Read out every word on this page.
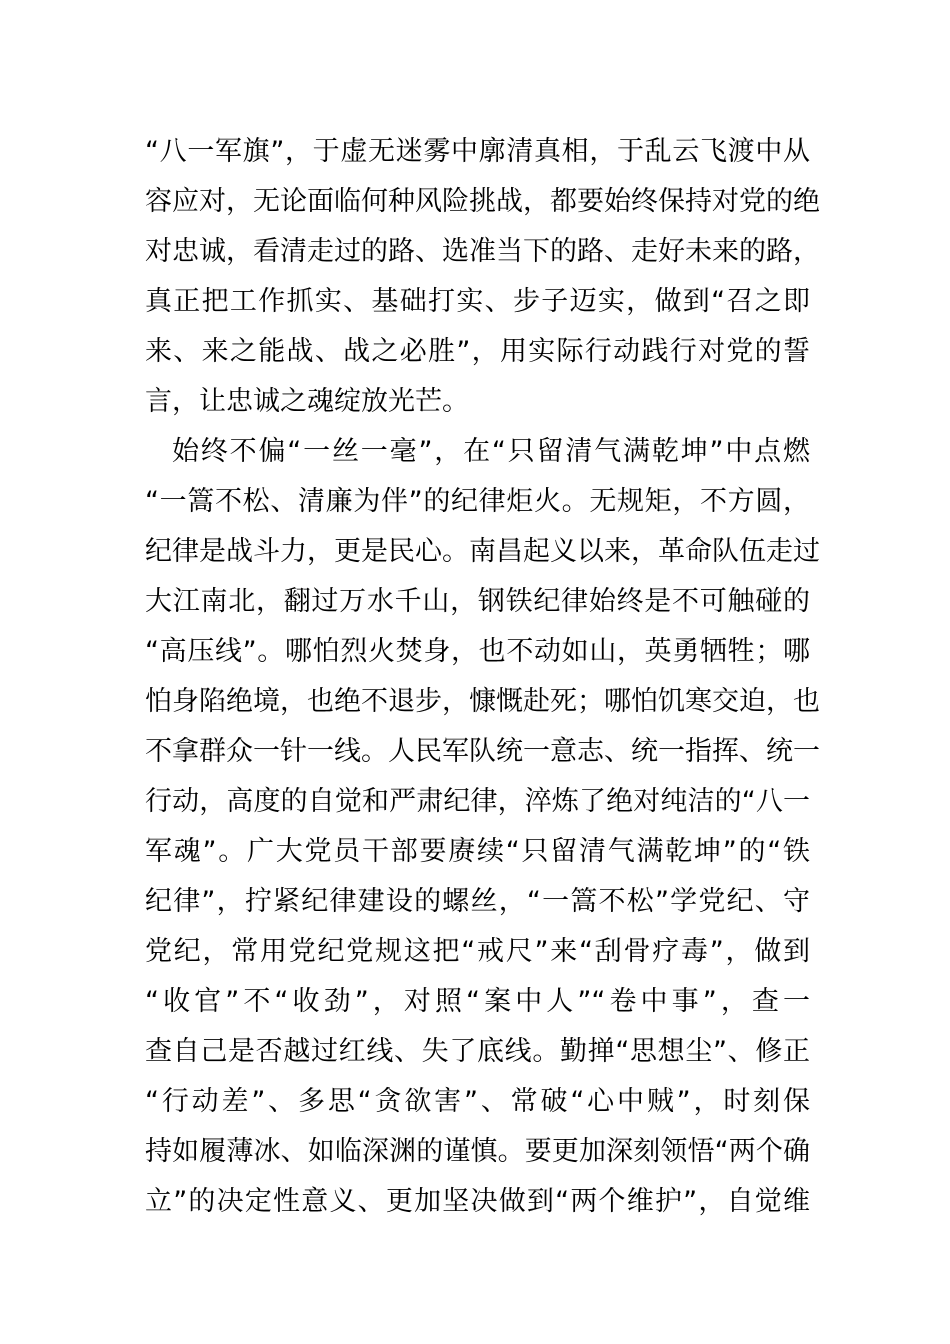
“八一军旗”，于虚无迷雾中廓清真相，于乱云飞渡中从
容应对，无论面临何种风险挑战，都要始终保持对党的绝
对忠诚，看清走过的路、选准当下的路、走好未来的路，
真正把工作抓实、基础打实、步子迈实，做到“召之即
来、来之能战、战之必胜”，用实际行动践行对党的誓
言，让忠诚之魂绽放光芒。
始终不偏“一丝一毫”，在“只留清气满乾坤”中点燃
“一篙不松、清廉为伴”的纪律炬火。无规矩，不方圆，
纪律是战斗力，更是民心。南昌起义以来，革命队伍走过
大江南北，翻过万水千山，钢铁纪律始终是不可触碰的
“高压线”。哪怕烈火焚身，也不动如山，英勇牺牲；哪
怕身陷绝境，也绝不退步，慷慨赴死；哪怕饥寒交迫，也
不拿群众一针一线。人民军队统一意志、统一指挥、统一
行动，高度的自觉和严肃纪律，淬炼了绝对纯洁的“八一
军魂”。广大党员干部要赓续“只留清气满乾坤”的“铁
纪律”，拧紧纪律建设的螺丝，“一篙不松”学党纪、守
党纪，常用党纪党规这把“戒尺”来“刮骨疗毒”，做到
“收官”不“收劲”，对照“案中人”“卷中事”，查一
查自己是否越过红线、失了底线。勤掸“思想尘”、修正
“行动差”、多思“贪欲害”、常破“心中贼”，时刻保
持如履薄冰、如临深渊的谨慎。要更加深刻领悟“两个确
立”的决定性意义、更加坚决做到“两个维护”，自觉维
